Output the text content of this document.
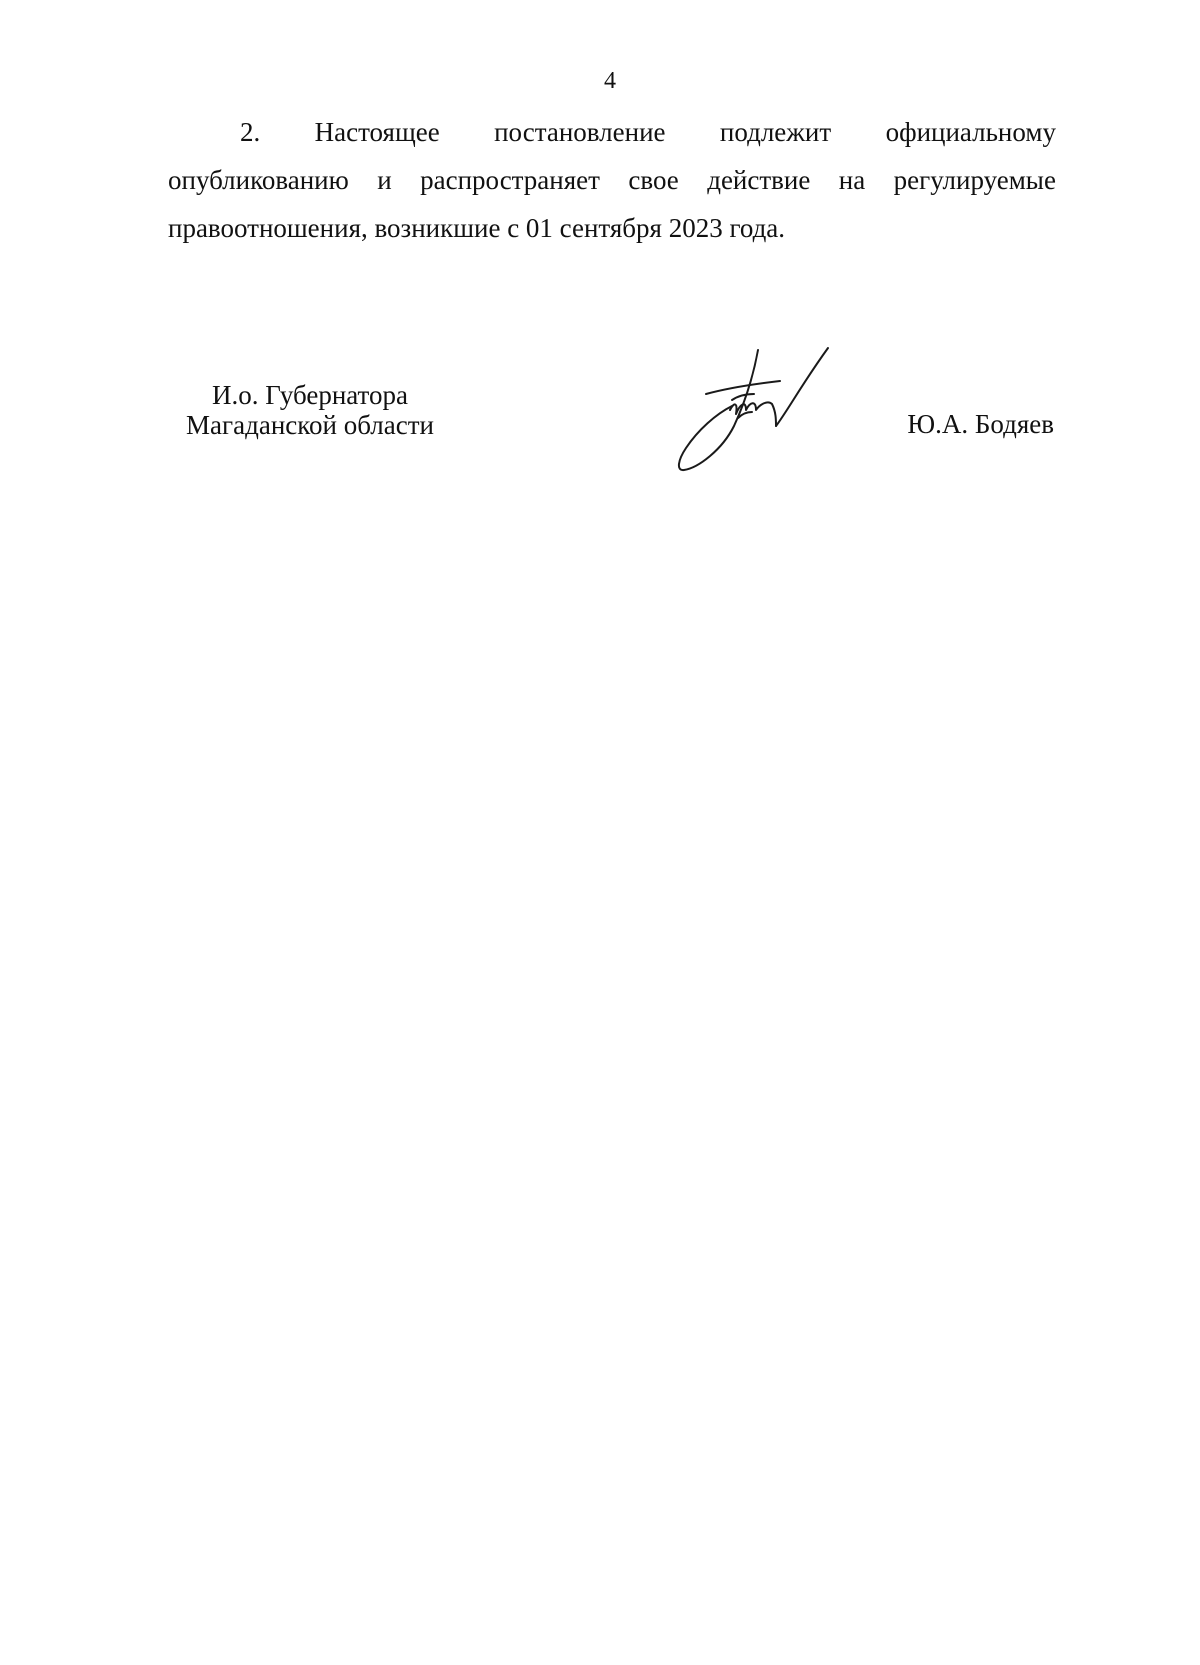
4
2. Настоящее постановление подлежит официальному
опубликованию и распространяет свое действие на регулируемые
правоотношения, возникшие с 01 сентября 2023 года.
И.о. Губернатора
Магаданской области	Ю.А. Бодяев
